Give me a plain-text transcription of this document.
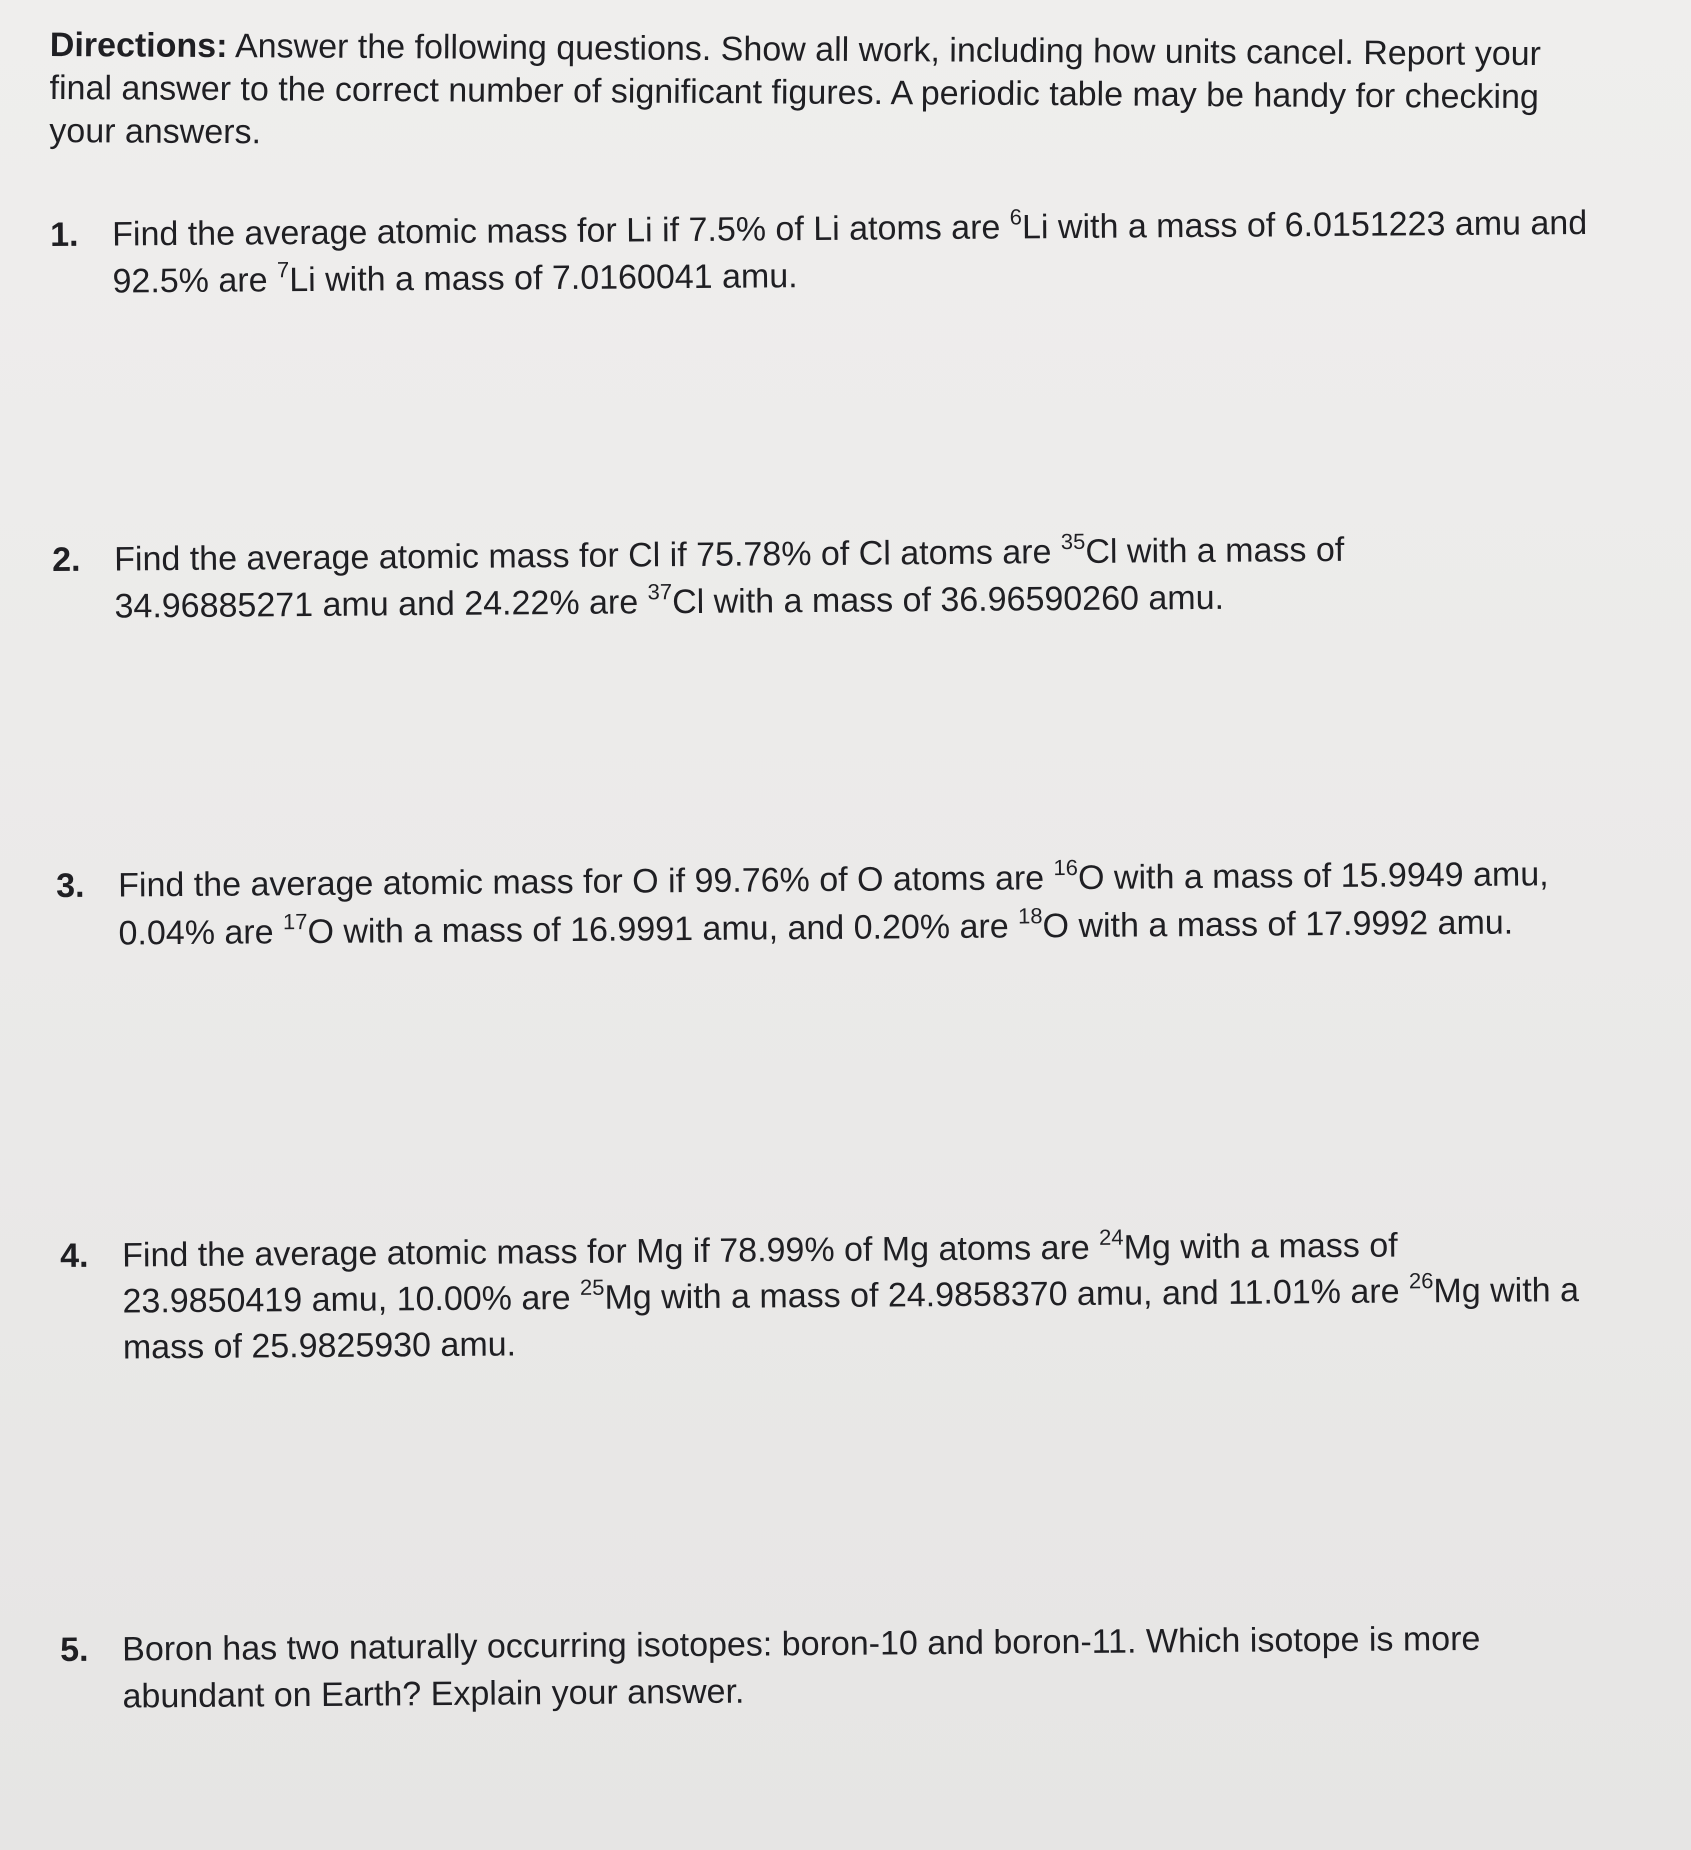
Directions: Answer the following questions. Show all work, including how units cancel. Report your final answer to the correct number of significant figures. A periodic table may be handy for checking your answers.
1. Find the average atomic mass for Li if 7.5% of Li atoms are $^6$Li with a mass of 6.0151223 amu and 92.5% are $^7$Li with a mass of 7.0160041 amu.
2. Find the average atomic mass for Cl if 75.78% of Cl atoms are $^{35}$Cl with a mass of 34.96885271 amu and 24.22% are $^{37}$Cl with a mass of 36.96590260 amu.
3. Find the average atomic mass for O if 99.76% of O atoms are $^{16}$O with a mass of 15.9949 amu, 0.04% are $^{17}$O with a mass of 16.9991 amu, and 0.20% are $^{18}$O with a mass of 17.9992 amu.
4. Find the average atomic mass for Mg if 78.99% of Mg atoms are $^{24}$Mg with a mass of 23.9850419 amu, 10.00% are $^{25}$Mg with a mass of 24.9858370 amu, and 11.01% are $^{26}$Mg with a mass of 25.9825930 amu.
5. Boron has two naturally occurring isotopes: boron-10 and boron-11. Which isotope is more abundant on Earth? Explain your answer.
